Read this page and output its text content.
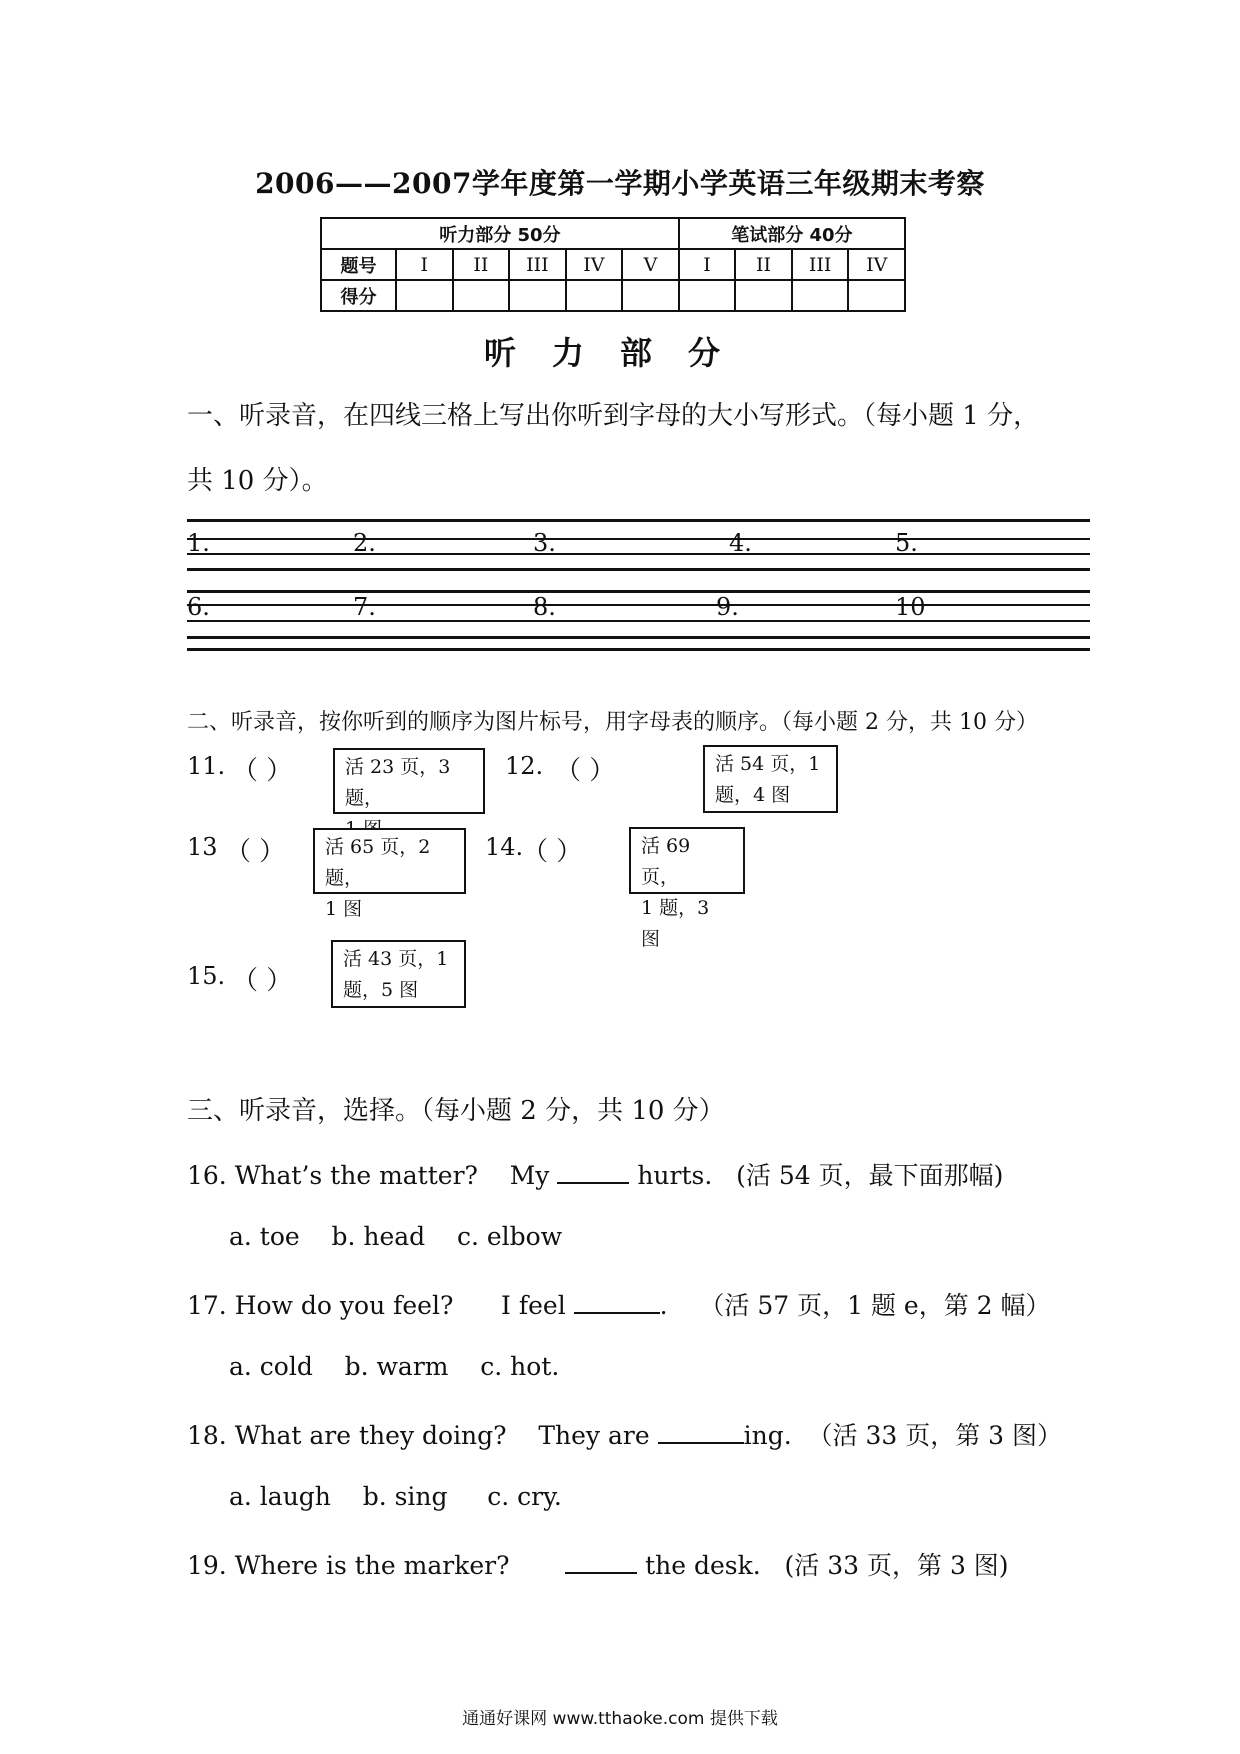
2006——2007学年度第一学期小学英语三年级期末考察
听力部分 50分						笔试部分 40分			
题号	I	II	III	IV	V	I	II	III	IV
得分									
听力部分
一、听录音，在四线三格上写出你听到字母的大小写形式。（每小题 1 分，
共 10 分）。
1.	2.	3.	4.	5.
6.	7.	8.	9.	10
二、听录音，按你听到的顺序为图片标号，用字母表的顺序。（每小题 2 分，共 10 分）
11. （ ）	活 23 页，3 题，
12. （ ）	活 54 页，1
题，4 图
13 （ ） 活 65 页，2 题，
1 图
14.
（ ）	活 69 页，
1 题，3 图
15. （ ）
活 43 页，1
题，5 图
三、听录音，选择。（每小题 2 分，共 10 分）
16. What’s the matter?    My	hurts.   (活 54 页，最下面那幅)
a. toe    b. head    c. elbow
17. How do you feel?      I feel	.    （活 57 页，1 题 e，第 2 幅）
a. cold    b. warm    c. hot.
18. What are they doing?    They are	ing.  （活 33 页，第 3 图）
a. laugh    b. sing     c. cry.
19. Where is the marker?	the desk.   (活 33 页，第 3 图)
通通好课网 www.tthaoke.com 提供下载
